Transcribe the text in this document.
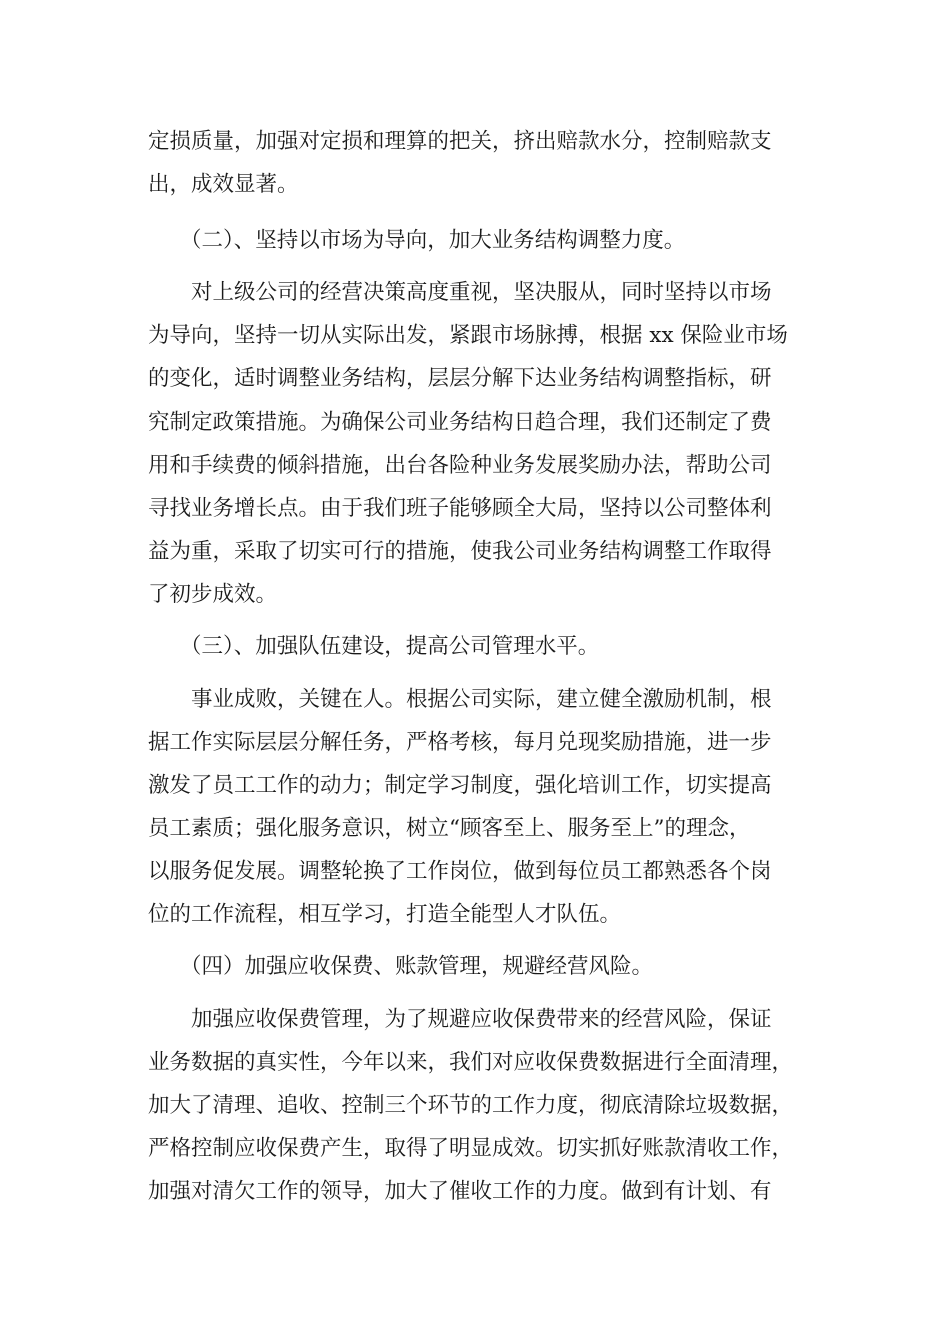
定损质量，加强对定损和理算的把关，挤出赔款水分，控制赔款支
出，成效显著。
（二）、坚持以市场为导向，加大业务结构调整力度。
对上级公司的经营决策高度重视，坚决服从，同时坚持以市场
为导向，坚持一切从实际出发，紧跟市场脉搏，根据 xx 保险业市场
的变化，适时调整业务结构，层层分解下达业务结构调整指标，研
究制定政策措施。为确保公司业务结构日趋合理，我们还制定了费
用和手续费的倾斜措施，出台各险种业务发展奖励办法，帮助公司
寻找业务增长点。由于我们班子能够顾全大局，坚持以公司整体利
益为重，采取了切实可行的措施，使我公司业务结构调整工作取得
了初步成效。
（三）、加强队伍建设，提高公司管理水平。
事业成败，关键在人。根据公司实际，建立健全激励机制，根
据工作实际层层分解任务，严格考核，每月兑现奖励措施，进一步
激发了员工工作的动力；制定学习制度，强化培训工作，切实提高
员工素质；强化服务意识，树立“顾客至上、服务至上”的理念，
以服务促发展。调整轮换了工作岗位，做到每位员工都熟悉各个岗
位的工作流程，相互学习，打造全能型人才队伍。
（四）加强应收保费、账款管理，规避经营风险。
加强应收保费管理，为了规避应收保费带来的经营风险，保证
业务数据的真实性，今年以来，我们对应收保费数据进行全面清理，
加大了清理、追收、控制三个环节的工作力度，彻底清除垃圾数据，
严格控制应收保费产生，取得了明显成效。切实抓好账款清收工作，
加强对清欠工作的领导，加大了催收工作的力度。做到有计划、有
